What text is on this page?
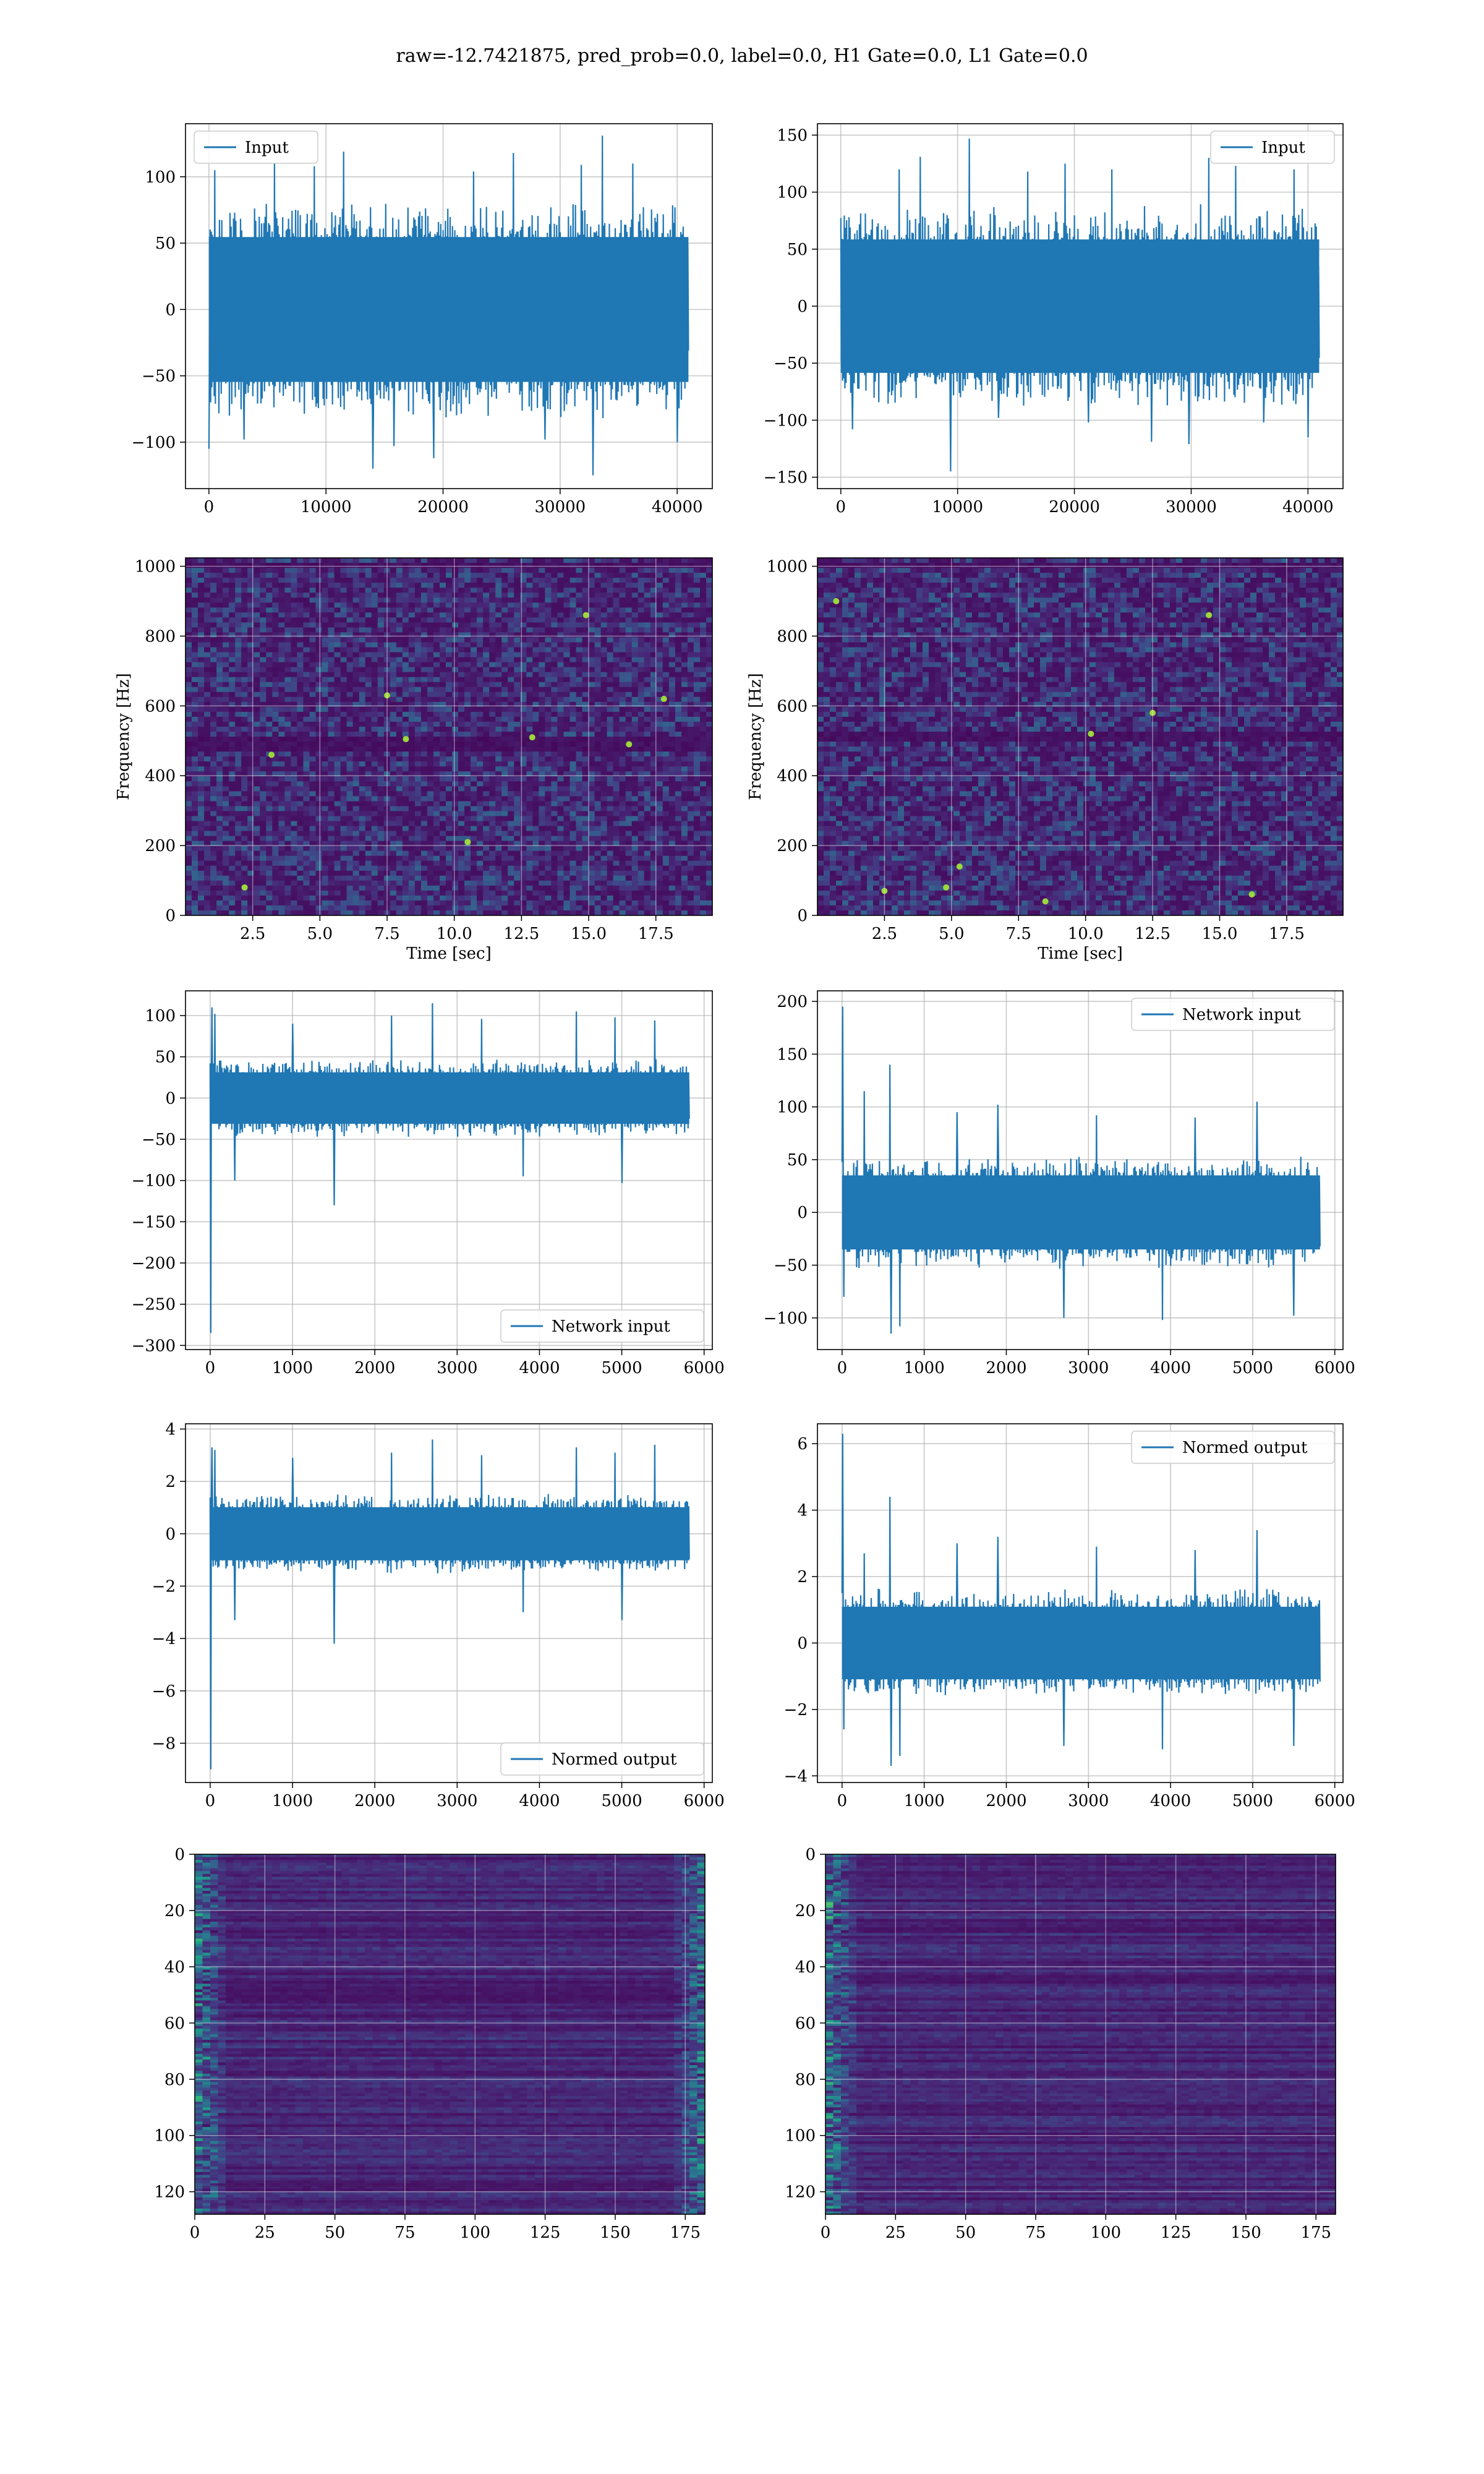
raw=-12.7421875, pred_prob=0.0, label=0.0, H1 Gate=0.0, L1 Gate=0.0
0	10000	20000	30000	40000
−100
−50
0
50
100
Input
0	10000	20000	30000	40000
−150
−100
−50
0
50
100
150
Input
2.5	5.0	7.5 10.0 12.5 15.0 17.5
0
200
400
600
800
1000
Time [sec]
Frequency [Hz]
2.5	5.0	7.5 10.0 12.5 15.0 17.5
0
200
400
600
800
1000
Time [sec]
Frequency [Hz]
0	1000	2000	3000	4000	5000	6000
−300
−250
−200
−150
−100
−50
0
50
100
Network input
0	1000	2000	3000	4000	5000	6000
−100
−50
0
50
100
150
200
Network input
0	1000	2000	3000	4000	5000	6000
−8
−6
−4
−2
0
2
4
Normed output
0	1000	2000	3000	4000	5000	6000
−4
−2
0
2
4
6	Normed output
0	25	50	75	100 125 150 175
0
20
40
60
80
100
120
0	25	50	75	100 125 150 175
0
20
40
60
80
100
120
